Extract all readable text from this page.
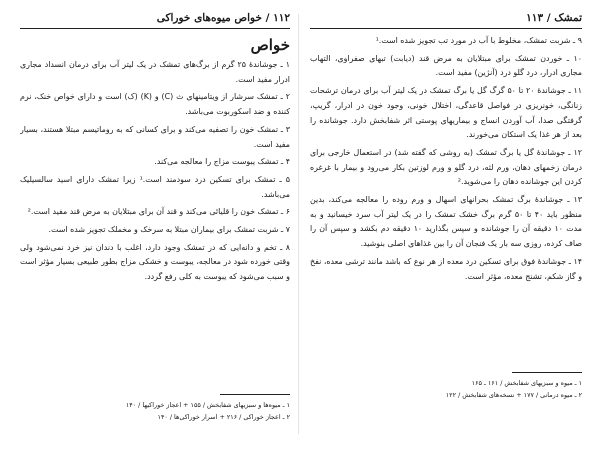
۱۱۲ / خواص میوه‌های خوراکی
خواص

۱ ـ جوشاندهٔ ۲۵ گرم از برگ‌های تمشک در یک لیتر آب برای درمان انسداد مجاری ادرار مفید است.

۲ ـ تمشک سرشار از ویتامینهای ث (C) و (K) (ک) است و دارای خواص خنک، نرم کننده و ضد اسکوربوت می‌باشد.

۳ ـ تمشک خون را تصفیه می‌کند و برای کسانی که به روماتیسم مبتلا هستند، بسیار مفید است.

۴ ـ تمشک یبوست مزاج را معالجه می‌کند.

۵ ـ تمشک برای تسکین درد سودمند است.¹ زیرا تمشک دارای اسید سالسیلیک می‌باشد.

۶ ـ تمشک خون را قلیائی می‌کند و قند آن برای مبتلایان به مرض قند مفید است.²

۷ ـ شربت تمشک برای بیماران مبتلا به سرخک و مخملک تجویز شده است.

۸ ـ تخم و دانه‌ایی که در تمشک وجود دارد، اغلب با دندان نیز خرد نمی‌شود ولی وقتی خورده شود در معالجه، یبوست و خشکی مزاج بطور طبیعی بسیار مؤثر است و سبب می‌شود که یبوست به کلی رفع گردد.

۱ ـ میوه‌ها و سبزیهای شفابخش / ۱۵۵ + اعجاز خوراکیها / ۱۴۰
۲ ـ اعجاز خوراکی / ۲۱۶ + اسرار خوراکی‌ها / ۱۴۰
تمشک / ۱۱۳

۹ ـ شربت تمشک، مخلوط با آب در مورد تب تجویز شده است.¹

۱۰ ـ خوردن تمشک برای مبتلایان به مرض قند (دیابت) تبهای صفراوی، التهاب مجاری ادرار، درد گلو درد (آنژین) مفید است.

۱۱ ـ جوشاندهٔ ۲۰ تا ۵۰ گرگ گل یا برگ تمشک در یک لیتر آب برای درمان ترشحات زنانگی، خونریزی در فواصل قاعدگی، اختلال خونی، وجود خون در ادرار، گریپ، گرفتگی صدا، آب آوردن انساج و بیماریهای پوستی اثر شفابخش دارد. جوشانده را بعد از هر غذا یک استکان می‌خورند.

۱۲ ـ جوشاندهٔ گل یا برگ تمشک (به روشی که گفته شد) در استعمال خارجی برای درمان زخمهای دهان، ورم لثه، درد گلو و ورم لوزتین بکار می‌رود و بیمار با غرغره کردن این جوشانده دهان را می‌شوید.²

۱۳ ـ جوشاندهٔ برگ تمشک بحرانهای اسهال و ورم روده را معالجه می‌کند، بدین منظور باید ۴۰ تا ۵۰ گرم برگ خشک تمشک را در یک لیتر آب سرد خیسانید و به مدت ۱۰ دقیقه آن را جوشانده و سپس بگذارید ۱۰ دقیقه دم بکشد و سپس آن را صاف کرده، روزی سه بار یک فنجان آن را بین غذاهای اصلی بنوشید.

۱۴ ـ جوشاندهٔ فوق برای تسکین درد معده از هر نوع که باشد مانند ترشی معده، نفخ و گاز شکم، تشنج معده، مؤثر است.

۱ ـ میوه و سبزیهای شفابخش / ۱۶۱ ـ ۱۶۵
۲ ـ میوه درمانی / ۱۷۷ + نسخه‌های شفابخش / ۱۲۲
